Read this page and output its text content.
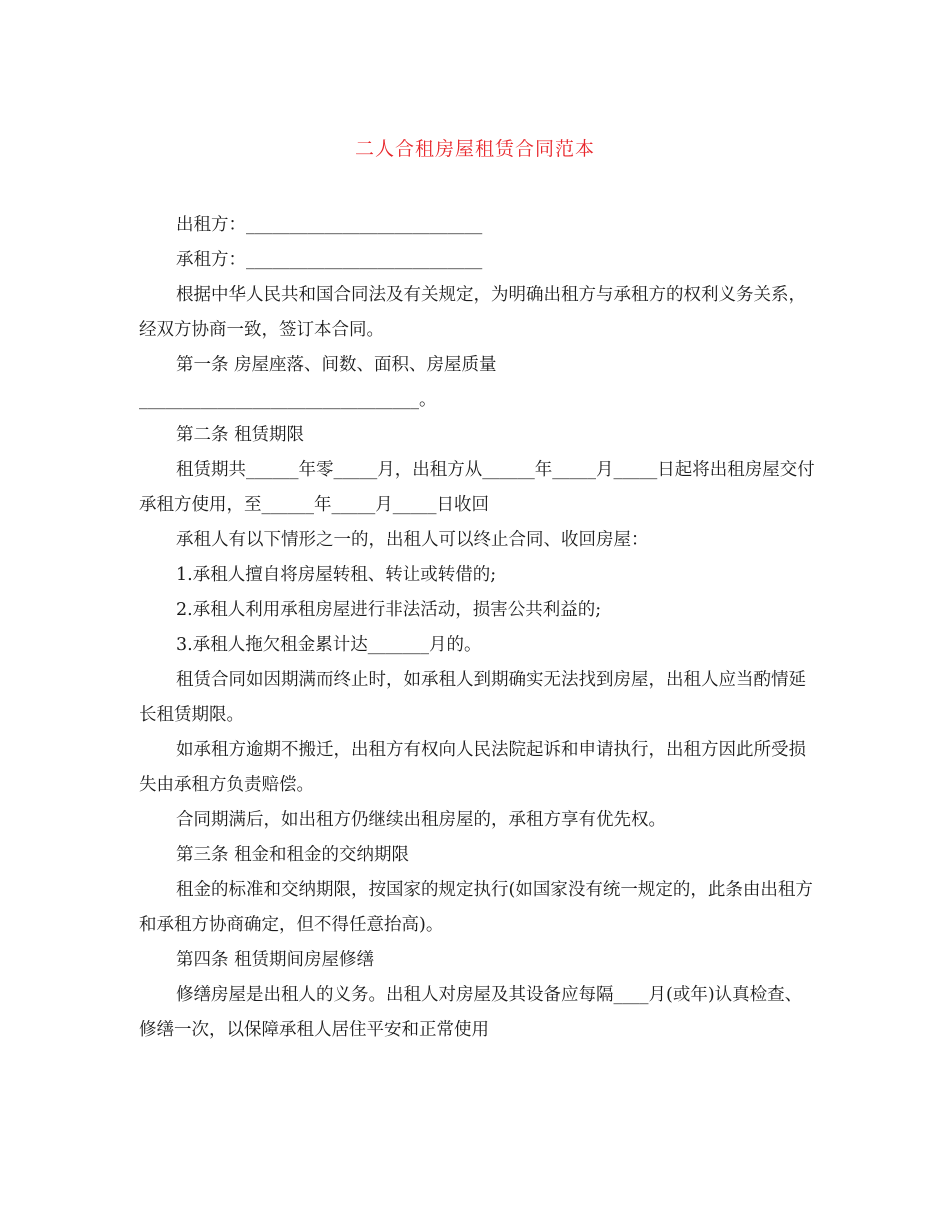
二人合租房屋租赁合同范本

出租方：___________________________

承租方：___________________________

根据中华人民共和国合同法及有关规定，为明确出租方与承租方的权利义务关系，经双方协商一致，签订本合同。

第一条 房屋座落、间数、面积、房屋质量

________________________________。

第二条 租赁期限

租赁期共______年零_____月，出租方从______年_____月_____日起将出租房屋交付承租方使用，至______年_____月_____日收回

承租人有以下情形之一的，出租人可以终止合同、收回房屋：

1.承租人擅自将房屋转租、转让或转借的;

2.承租人利用承租房屋进行非法活动，损害公共利益的;

3.承租人拖欠租金累计达_______月的。

租赁合同如因期满而终止时，如承租人到期确实无法找到房屋，出租人应当酌情延长租赁期限。

如承租方逾期不搬迁，出租方有权向人民法院起诉和申请执行，出租方因此所受损失由承租方负责赔偿。

合同期满后，如出租方仍继续出租房屋的，承租方享有优先权。

第三条 租金和租金的交纳期限

租金的标准和交纳期限，按国家的规定执行(如国家没有统一规定的，此条由出租方和承租方协商确定，但不得任意抬高)。

第四条 租赁期间房屋修缮

修缮房屋是出租人的义务。出租人对房屋及其设备应每隔____月(或年)认真检查、修缮一次，以保障承租人居住平安和正常使用
